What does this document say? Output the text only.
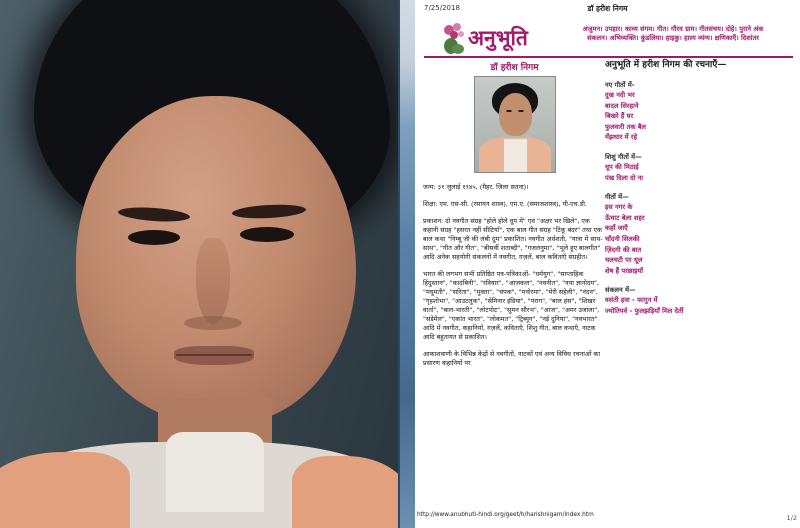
7/25/2018	डॉ हरीश निगम
अनुभूति	अंजुमन। उपहार। काव्य संगम। गीत। गौरव ग्राम। गीतसंचय। दोहे। पुराने अंक
संकलन। अभिव्यक्ति। कुंडलिया। हाइकु। हास्य व्यंग्य। क्षणिकाएँ। दिशांतर
डॉ हरीश निगम

जन्म: ३१ जुलाई १९४५, (मैहर, जिला सतना)।

शिक्षा: एम. एस-सी. (रसायन शास्त्र), एम.ए. (समाजशास्त्र), पी-एच.डी.

प्रकाशन: दो नवगीत संग्रह "होले होले धूप में" एवं "अक्षर भर खिले", एक कहानी संग्रह "हसरत नहीं सीटियाँ", एक बाल गीत संग्रह "टिंकू बंदर" तथा एक बाल कथा "निम्बू जी की लंबी दुम" प्रकाशित। नवगीत अर्धशती, "यात्रा में साथ-साथ", "गीत और गीत", "बीसवीं शताब्दी", "गजलनुमा", "भूले हुए बालगीत" आदि अनेक सहयोगी संकलनों में नवगीत, ग़ज़लें, बाल कविताएँ संग्रहीत।

भारत की लगभग सभी प्रतिष्ठित पत्र-पत्रिकाओं- "धर्मयुग", "साप्ताहिक हिंदुस्तान", "कादंबिनी", "रविवार", "आजकल", "नवनीत", "नया ज्ञानोदय", "मधुमती", "सरिता", "मुक्ता", "चंपक", "मनोरमा", "मेरी सहेली", "नंदन", "गृहशोभा", "आउटलुक", "सेमिनार इंडिया", "पराग", "बाल हंस", "शिखर वार्ता", "बाल-भारती", "लोटपोट", "सुमन सौरभ", "आज", "अमर उजाला", "संडेमेल", "एकांत भारत", "लोकमत", "ट्रिब्यून", "नई दुनिया", "नवभारत" आदि में नवगीत, कहानियाँ, ग़ज़लें, कविताएँ, शिशु गीत, बाल कथाएँ, नाटक आदि बहुतायत से प्रकाशित।

आकाशवाणी के विभिन्न केंद्रों से नवगीतों, नाटकों एवं अन्य विविध रचनाओं का प्रसारण कहानियों पर

अनुभूति में हरीश निगम की रचनाएँ—
नए गीतों में-
दुख नदी भर
बादल सिरहाने
बिखरे हैं घर
फुलवारी तक बैल
मँझधार में रहे
शिशु गीतों में—
धूप की मिठाई
पंख दिला दो ना
गीतों में—
इस नगर के
ऊँचाट बेला शहर
कहाँ जाएँ
चाँदनी सिलकी
ज़िंदगी की बात
चलचटी पर धूल
शेष हैं परछाइयाँ
संकलन में—
वसंती हवा - फागुन में
ज्योतिपर्व - फुलझड़ियाँ मिल देतीं
http://www.anubhuti-hindi.org/geet/h/harishnigam/index.htm	1/2
